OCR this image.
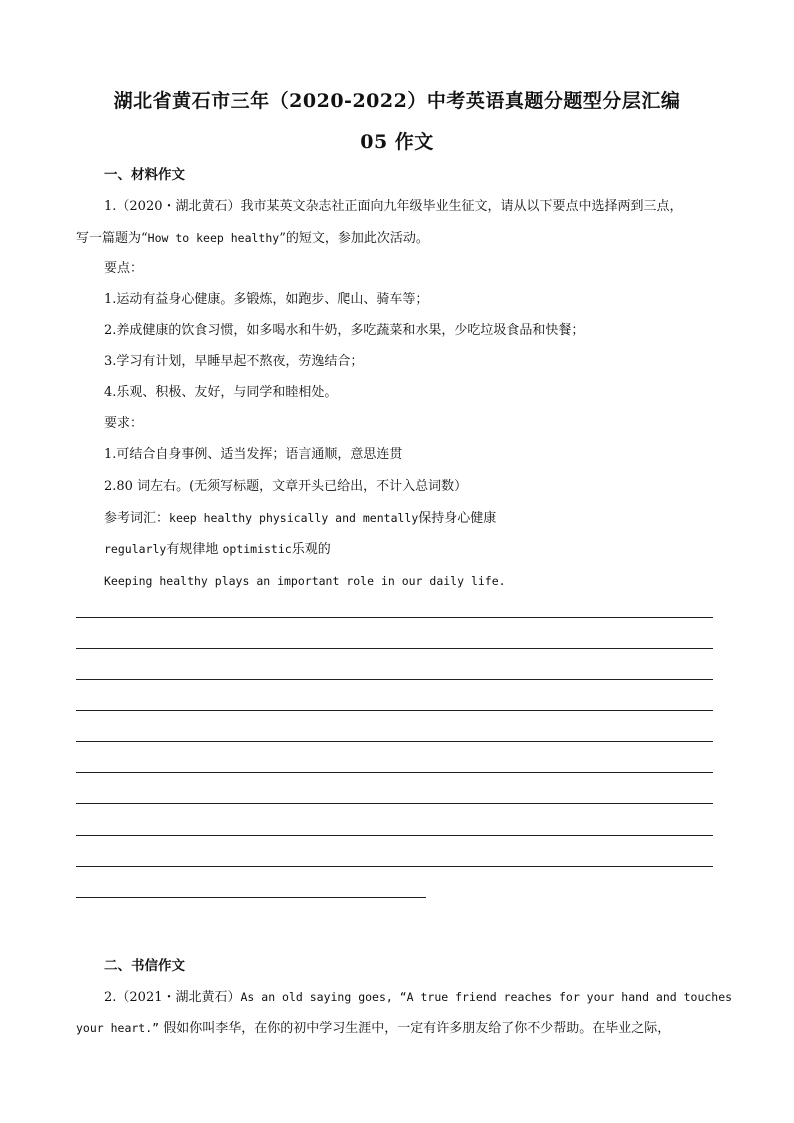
湖北省黄石市三年（2020-2022）中考英语真题分题型分层汇编
05 作文
一、材料作文
1.（2020・湖北黄石）我市某英文杂志社正面向九年级毕业生征文，请从以下要点中选择两到三点，
写一篇题为“How to keep healthy”的短文，参加此次活动。
要点：
1.运动有益身心健康。多锻炼，如跑步、爬山、骑车等；
2.养成健康的饮食习惯，如多喝水和牛奶，多吃蔬菜和水果，少吃垃圾食品和快餐；
3.学习有计划，早睡早起不熬夜，劳逸结合；
4.乐观、积极、友好，与同学和睦相处。
要求：
1.可结合自身事例、适当发挥；语言通顺，意思连贯
2.80 词左右。(无须写标题，文章开头已给出，不计入总词数）
参考词汇：keep healthy physically and mentally保持身心健康
regularly有规律地 optimistic乐观的
Keeping healthy plays an important role in our daily life.
二、书信作文
2.（2021・湖北黄石）As an old saying goes, “A true friend reaches for your hand and touches
your heart.” 假如你叫李华，在你的初中学习生涯中，一定有许多朋友给了你不少帮助。在毕业之际，
